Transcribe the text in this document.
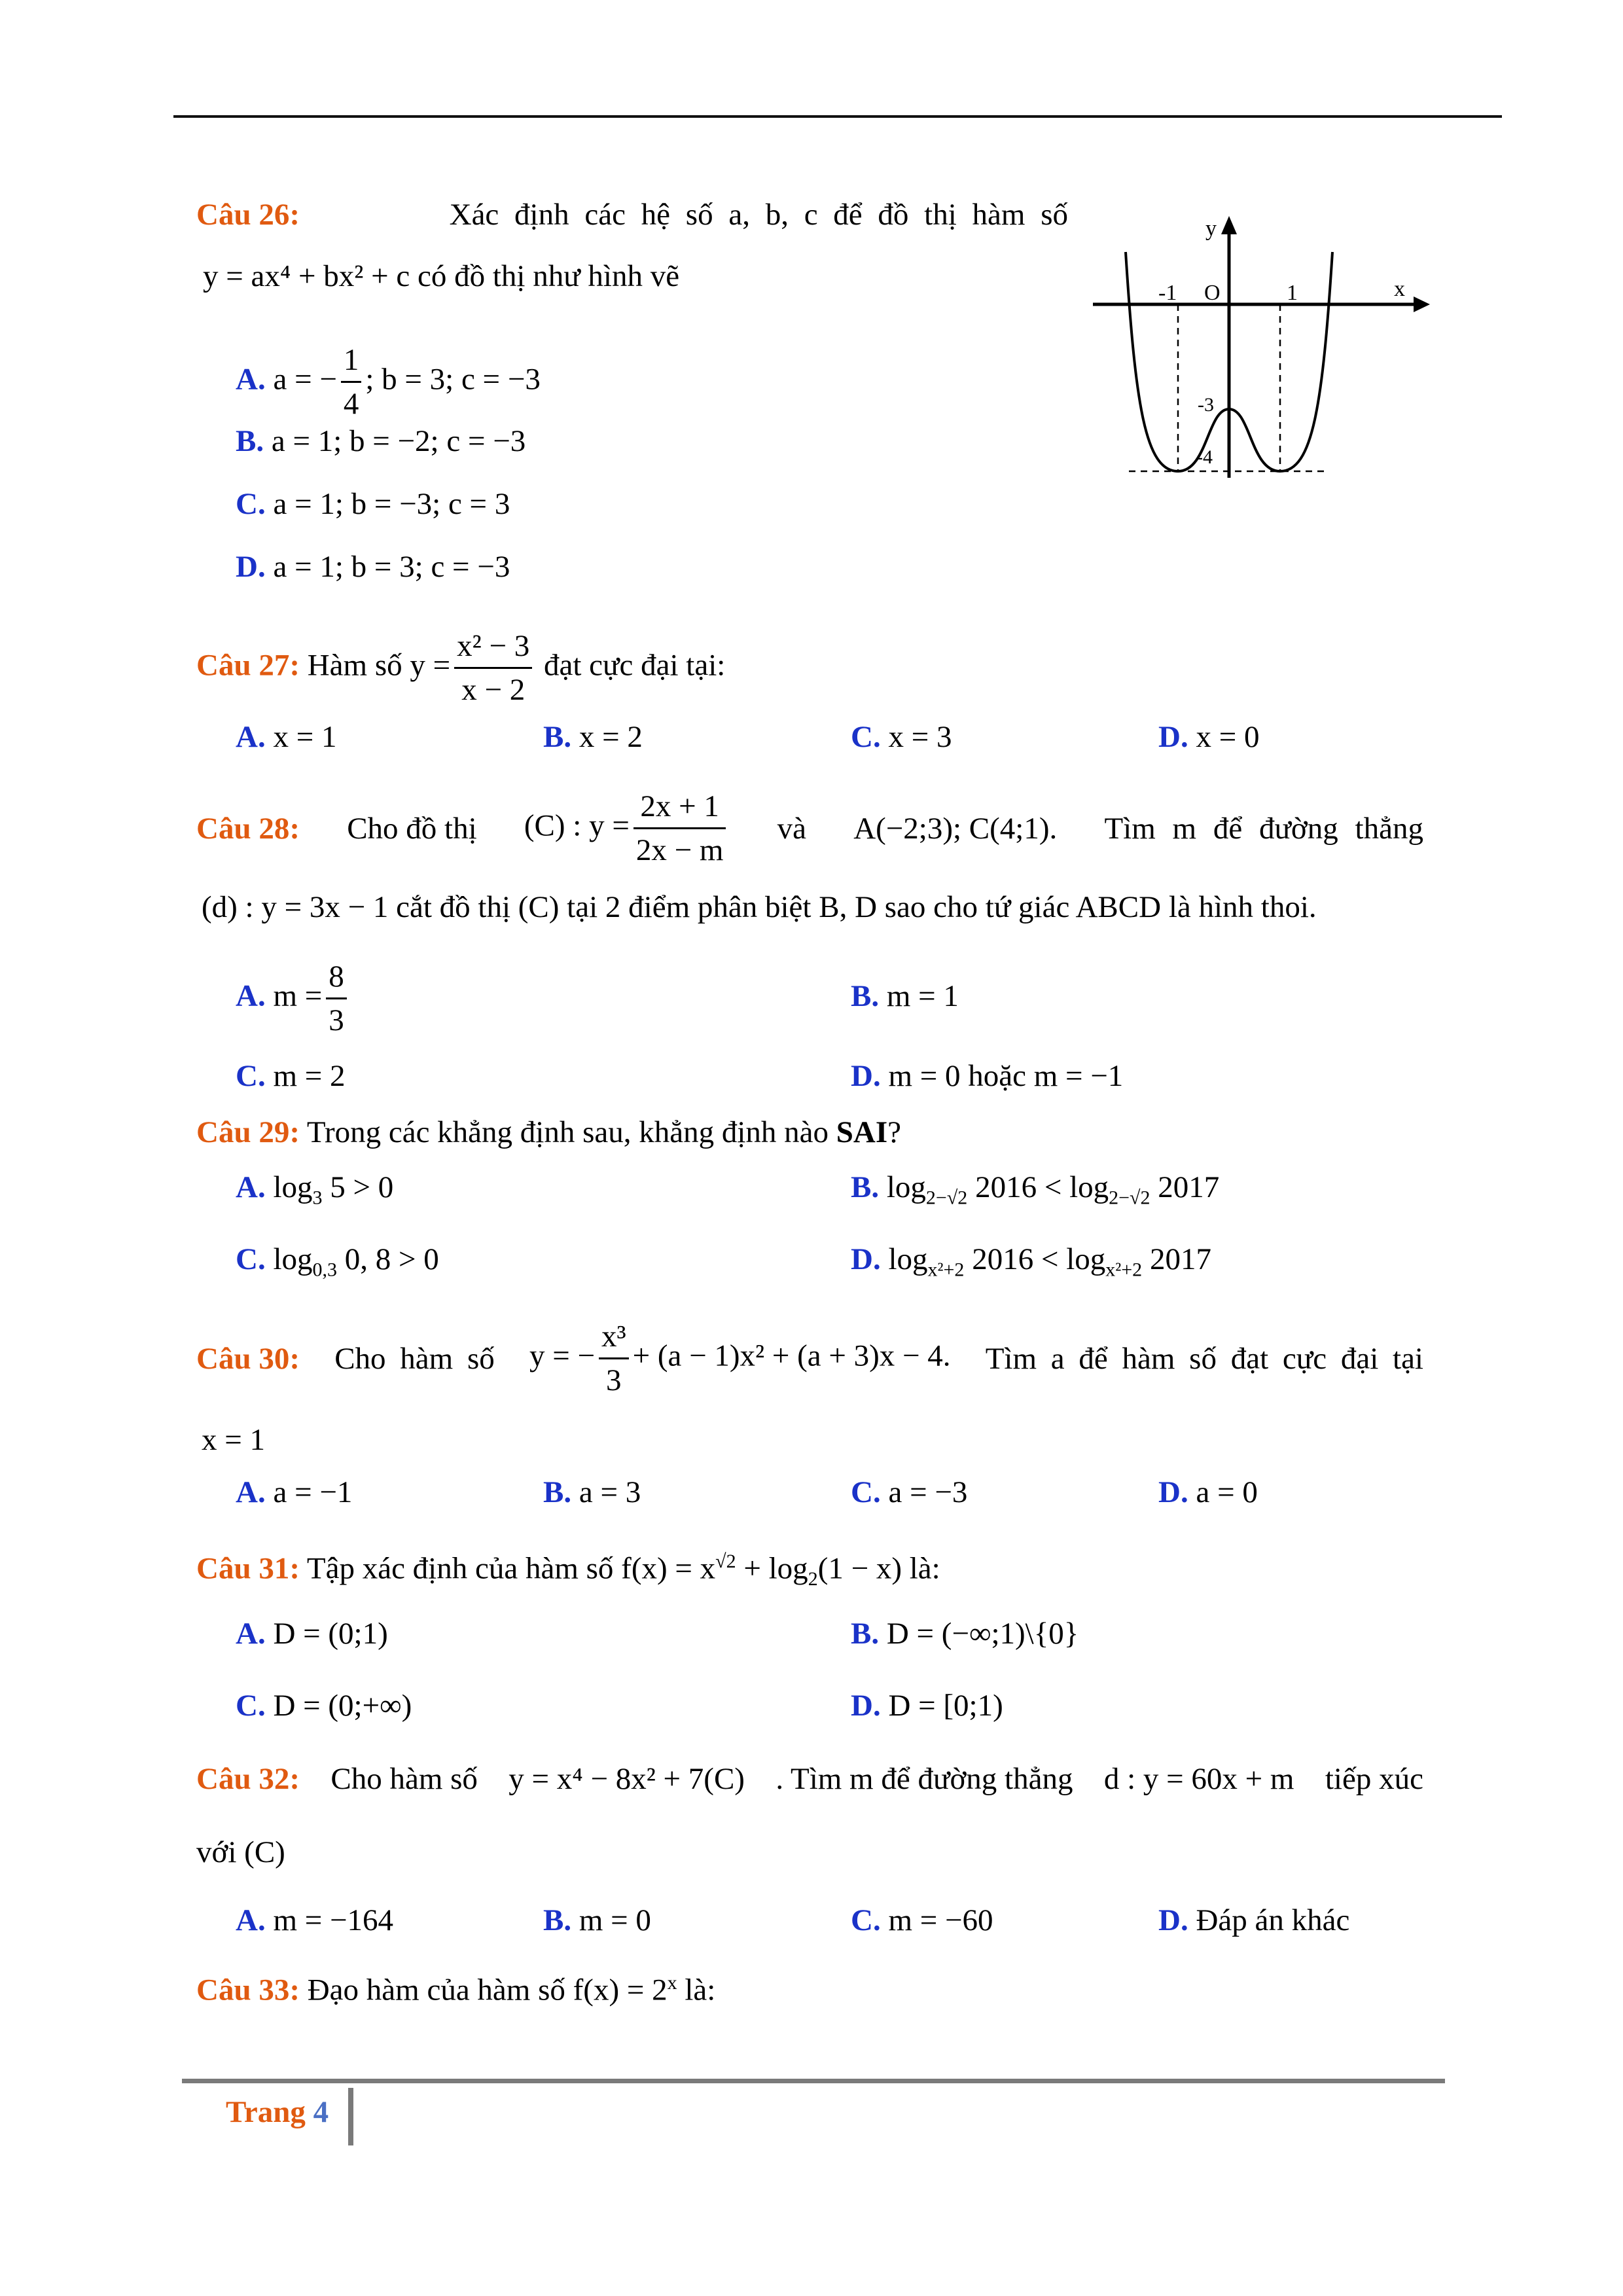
Câu 26:	Xác định các hệ số a, b, c để đồ thị hàm số
y = ax⁴ + bx² + c có đồ thị như hình vẽ
A. a = − $\frac{1}{4}$ ; b = 3; c = −3
B. a = 1; b = −2; c = −3
C. a = 1; b = −3; c = 3
D. a = 1; b = 3; c = −3
x
y
O
-1	1
-3
-4
Câu 27: Hàm số $y = \frac{\text{x² − 3}}{x - 2}$ đạt cực đại tại:
A. x = 1	B. x = 2	C. x = 3	D. x = 0
Câu 28: Cho đồ thị (C) : $y = \frac{2x + 1}{2x - m}$ và A(−2;3); C(4;1). Tìm m để đường thẳng
(d) : y = 3x − 1 cắt đồ thị (C) tại 2 điểm phân biệt B, D sao cho tứ giác ABCD là hình thoi.
A. $m = \frac{8}{3}$	B. m = 1
C. m = 2	D. m = 0 hoặc m = −1
Câu 29: Trong các khẳng định sau, khẳng định nào SAI?
A. $\log_3 5 > 0$	B. $\log_{2-√2} 2016 < \log_{2-√2} 2017$
C. $\log_{0,3} 0$, 8 > 0	D. $\log_{x^2+2} 2016 < \log_{x^2+2} 2017$
Câu 30: Cho hàm số y = − $\frac{\text{x³}}{3} + (a - 1)x^2 + (a + 3)x - 4$. Tìm a để hàm số đạt cực đại tại
x = 1
A. a = −1	B. a = 3	C. a = −3	D. a = 0
Câu 31: Tập xác định của hàm số $f(x) = x^{√2} + \log_2(1 - x)$ là:
A. D = (0;1)	B. D = (−∞;1)\{0}
C. D = (0;+∞)	D. D = [0;1)
Câu 32: Cho hàm số y = x⁴ − 8x² + 7(C) . Tìm m để đường thẳng d : y = 60x + m tiếp xúc
với (C)
A. m = −164	B. m = 0	C. m = −60	D. Đáp án khác
Câu 33: Đạo hàm của hàm số $f(x) = 2^x$ là:
Trang 4
